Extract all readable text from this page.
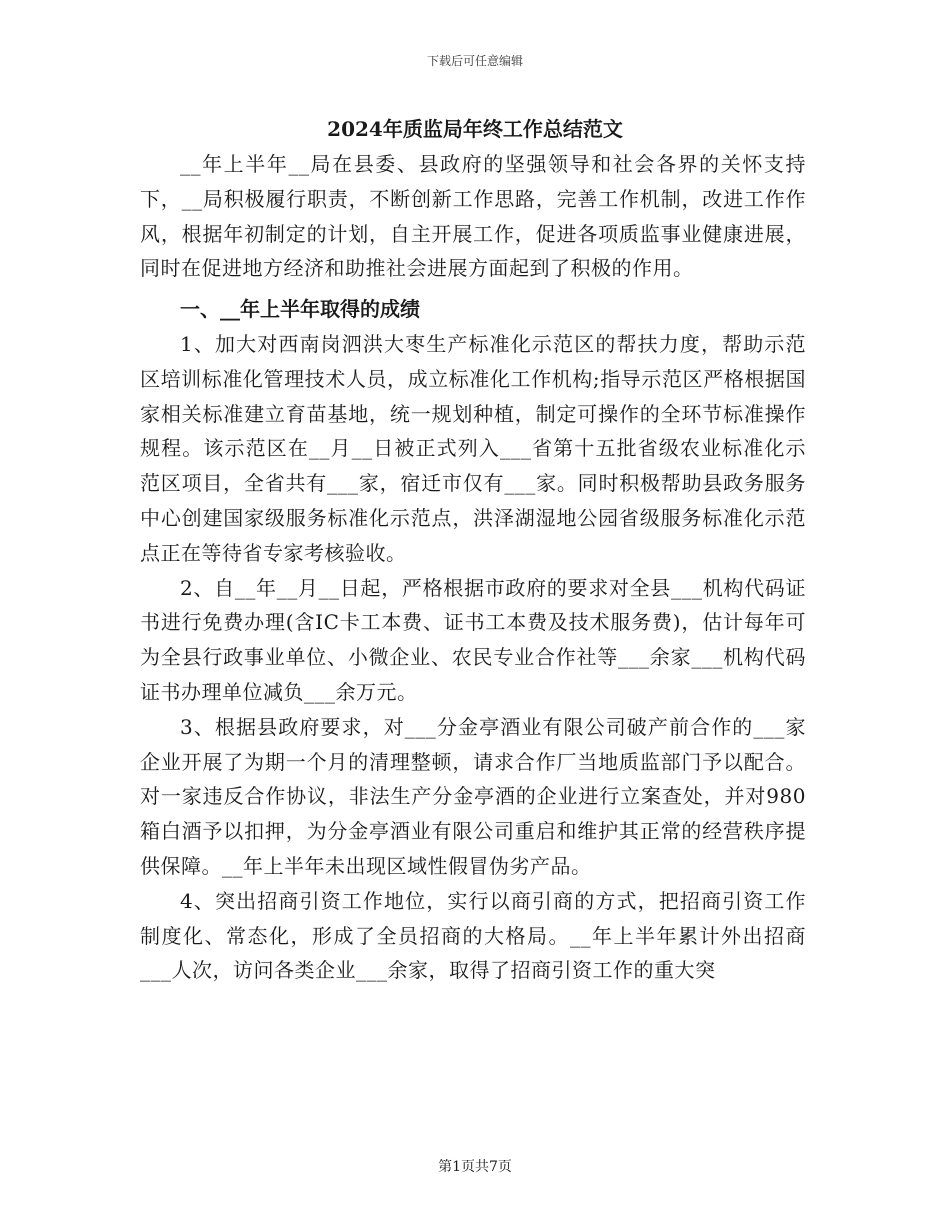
下载后可任意编辑
2024年质监局年终工作总结范文

__年上半年__局在县委、县政府的坚强领导和社会各界的关怀支持下，__局积极履行职责，不断创新工作思路，完善工作机制，改进工作作风，根据年初制定的计划，自主开展工作，促进各项质监事业健康进展，同时在促进地方经济和助推社会进展方面起到了积极的作用。

一、__年上半年取得的成绩

1、加大对西南岗泗洪大枣生产标准化示范区的帮扶力度，帮助示范区培训标准化管理技术人员，成立标准化工作机构;指导示范区严格根据国家相关标准建立育苗基地，统一规划种植，制定可操作的全环节标准操作规程。该示范区在__月__日被正式列入___省第十五批省级农业标准化示范区项目，全省共有___家，宿迁市仅有___家。同时积极帮助县政务服务中心创建国家级服务标准化示范点，洪泽湖湿地公园省级服务标准化示范点正在等待省专家考核验收。

2、自__年__月__日起，严格根据市政府的要求对全县___机构代码证书进行免费办理(含IC卡工本费、证书工本费及技术服务费)，估计每年可为全县行政事业单位、小微企业、农民专业合作社等___余家___机构代码证书办理单位减负___余万元。

3、根据县政府要求，对___分金亭酒业有限公司破产前合作的___家企业开展了为期一个月的清理整顿，请求合作厂当地质监部门予以配合。对一家违反合作协议，非法生产分金亭酒的企业进行立案查处，并对980箱白酒予以扣押，为分金亭酒业有限公司重启和维护其正常的经营秩序提供保障。__年上半年未出现区域性假冒伪劣产品。

4、突出招商引资工作地位，实行以商引商的方式，把招商引资工作制度化、常态化，形成了全员招商的大格局。__年上半年累计外出招商___人次，访问各类企业___余家，取得了招商引资工作的重大突

第1页共7页
